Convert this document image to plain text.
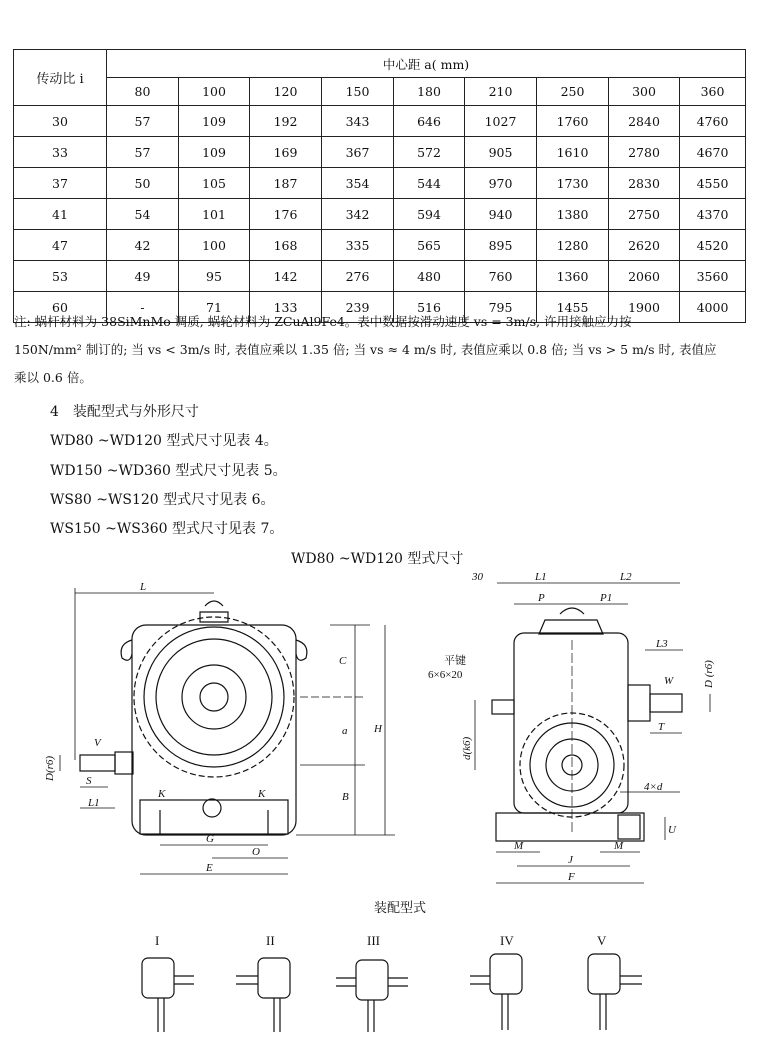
传动比 i	中心距 a( mm)								
	80	100	120	150	180	210	250	300	360
30	57	109	192	343	646	1027	1760	2840	4760
33	57	109	169	367	572	905	1610	2780	4670
37	50	105	187	354	544	970	1730	2830	4550
41	54	101	176	342	594	940	1380	2750	4370
47	42	100	168	335	565	895	1280	2620	4520
53	49	95	142	276	480	760	1360	2060	3560
60	-	71	133	239	516	795	1455	1900	4000
注: 蜗杆材料为 38SiMnMo 调质, 蜗轮材料为 ZCuAl9Fe4。表中数据按滑动速度 vs = 3m/s, 许用接触应力按
150N/mm² 制订的; 当 vs < 3m/s 时, 表值应乘以 1.35 倍; 当 vs ≈ 4 m/s 时, 表值应乘以 0.8 倍; 当 vs > 5 m/s 时, 表值应
乘以 0.6 倍。
4　装配型式与外形尺寸
WD80 ~WD120 型式尺寸见表 4。
WD150 ~WD360 型式尺寸见表 5。
WS80 ~WS120 型式尺寸见表 6。
WS150 ~WS360 型式尺寸见表 7。
WD80 ~WD120 型式尺寸
L
C
a
B
H
V
S
L1
D(r6)
K	K
G
O
E
30	L1	L2
P	P1
L3
平键
6×6×20	W	D (r6)
T
d(k6)
4×d
U
M	M
J
F
装配型式
I	II	III	IV	V
